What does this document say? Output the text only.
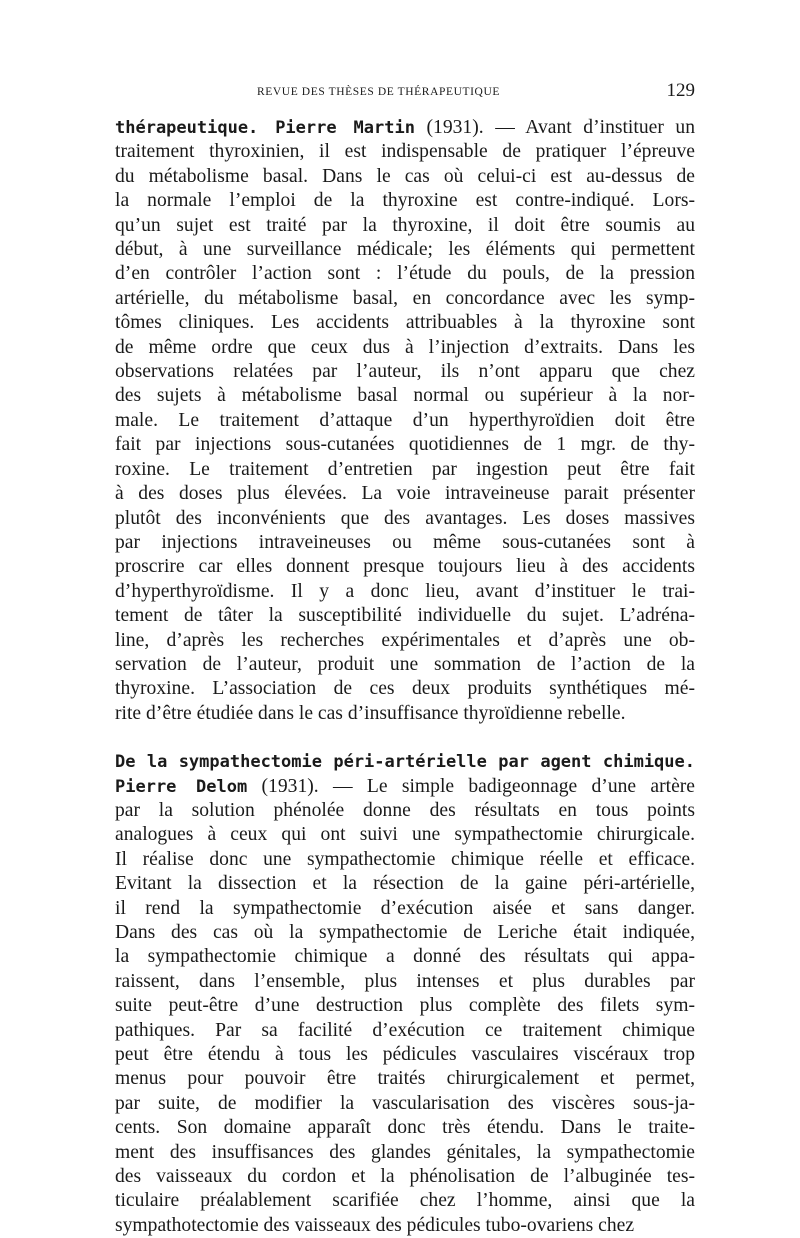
REVUE DES THÈSES DE THÉRAPEUTIQUE	129
thérapeutique. Pierre Martin (1931). — Avant d’instituer un
traitement thyroxinien, il est indispensable de pratiquer l’épreuve
du métabolisme basal. Dans le cas où celui-ci est au-dessus de
la normale l’emploi de la thyroxine est contre-indiqué. Lors-
qu’un sujet est traité par la thyroxine, il doit être soumis au
début, à une surveillance médicale; les éléments qui permettent
d’en contrôler l’action sont : l’étude du pouls, de la pression
artérielle, du métabolisme basal, en concordance avec les symp-
tômes cliniques. Les accidents attribuables à la thyroxine sont
de même ordre que ceux dus à l’injection d’extraits. Dans les
observations relatées par l’auteur, ils n’ont apparu que chez
des sujets à métabolisme basal normal ou supérieur à la nor-
male. Le traitement d’attaque d’un hyperthyroïdien doit être
fait par injections sous-cutanées quotidiennes de 1 mgr. de thy-
roxine. Le traitement d’entretien par ingestion peut être fait
à des doses plus élevées. La voie intraveineuse parait présenter
plutôt des inconvénients que des avantages. Les doses massives
par injections intraveineuses ou même sous-cutanées sont à
proscrire car elles donnent presque toujours lieu à des accidents
d’hyperthyroïdisme. Il y a donc lieu, avant d’instituer le trai-
tement de tâter la susceptibilité individuelle du sujet. L’adréna-
line, d’après les recherches expérimentales et d’après une ob-
servation de l’auteur, produit une sommation de l’action de la
thyroxine. L’association de ces deux produits synthétiques mé-
rite d’être étudiée dans le cas d’insuffisance thyroïdienne rebelle.
De la sympathectomie péri-artérielle par agent chimique.
Pierre Delom (1931). — Le simple badigeonnage d’une artère
par la solution phénolée donne des résultats en tous points
analogues à ceux qui ont suivi une sympathectomie chirurgicale.
Il réalise donc une sympathectomie chimique réelle et efficace.
Evitant la dissection et la résection de la gaine péri-artérielle,
il rend la sympathectomie d’exécution aisée et sans danger.
Dans des cas où la sympathectomie de Leriche était indiquée,
la sympathectomie chimique a donné des résultats qui appa-
raissent, dans l’ensemble, plus intenses et plus durables par
suite peut-être d’une destruction plus complète des filets sym-
pathiques. Par sa facilité d’exécution ce traitement chimique
peut être étendu à tous les pédicules vasculaires viscéraux trop
menus pour pouvoir être traités chirurgicalement et permet,
par suite, de modifier la vascularisation des viscères sous-ja-
cents. Son domaine apparaît donc très étendu. Dans le traite-
ment des insuffisances des glandes génitales, la sympathectomie
des vaisseaux du cordon et la phénolisation de l’albuginée tes-
ticulaire préalablement scarifiée chez l’homme, ainsi que la
sympathotectomie des vaisseaux des pédicules tubo-ovariens chez
